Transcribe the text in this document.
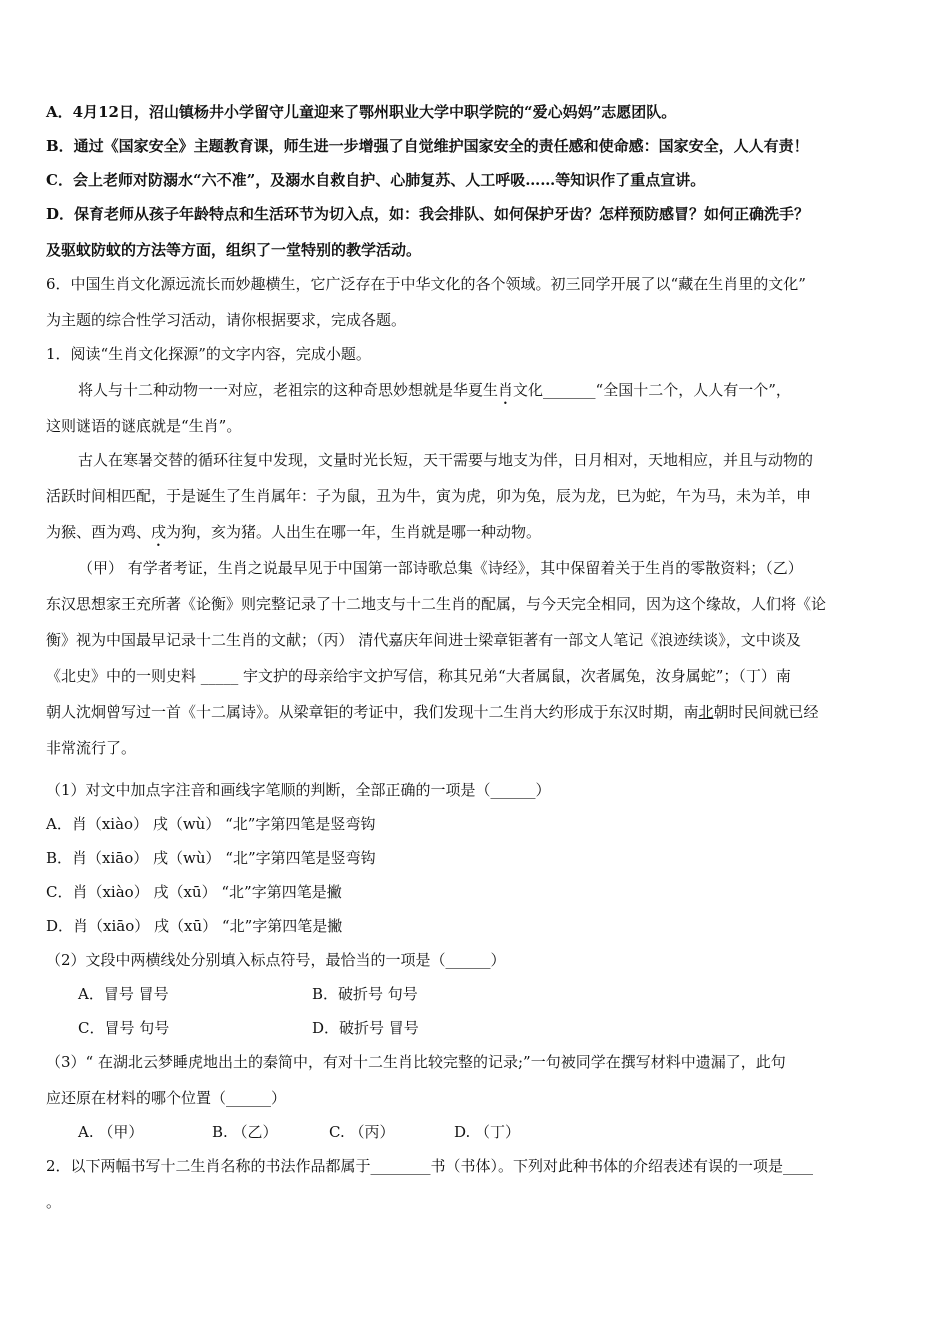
A．4月12日，沼山镇杨井小学留守儿童迎来了鄂州职业大学中职学院的“爱心妈妈”志愿团队。
B．通过《国家安全》主题教育课，师生进一步增强了自觉维护国家安全的责任感和使命感：国家安全，人人有责！
C．会上老师对防溺水“六不准”，及溺水自救自护、心肺复苏、人工呼吸……等知识作了重点宣讲。
D．保育老师从孩子年龄特点和生活环节为切入点，如：我会排队、如何保护牙齿？怎样预防感冒？如何正确洗手？
及驱蚊防蚊的方法等方面，组织了一堂特别的教学活动。
6．中国生肖文化源远流长而妙趣横生，它广泛存在于中华文化的各个领域。初三同学开展了以“藏在生肖里的文化”
为主题的综合性学习活动，请你根据要求，完成各题。
1．阅读“生肖文化探源”的文字内容，完成小题。
将人与十二种动物一一对应，老祖宗的这种奇思妙想就是华夏生肖文化_______“全国十二个，人人有一个”，
这则谜语的谜底就是“生肖”。
古人在寒暑交替的循环往复中发现，文量时光长短，天干需要与地支为伴，日月相对，天地相应，并且与动物的
活跃时间相匹配，于是诞生了生肖属年：子为鼠，丑为牛，寅为虎，卯为兔，辰为龙，巳为蛇，午为马，未为羊，申
为猴、酉为鸡、戌为狗，亥为猪。人出生在哪一年，生肖就是哪一种动物。
（甲） 有学者考证，生肖之说最早见于中国第一部诗歌总集《诗经》，其中保留着关于生肖的零散资料；（乙）
东汉思想家王充所著《论衡》则完整记录了十二地支与十二生肖的配属，与今天完全相同，因为这个缘故，人们将《论
衡》视为中国最早记录十二生肖的文献；（丙） 清代嘉庆年间进士梁章钜著有一部文人笔记《浪迹续谈》，文中谈及
《北史》中的一则史料 _____ 宇文护的母亲给宇文护写信，称其兄弟“大者属鼠，次者属兔，汝身属蛇”；（丁）南
朝人沈炯曾写过一首《十二属诗》。从梁章钜的考证中，我们发现十二生肖大约形成于东汉时期，南北朝时民间就已经
非常流行了。
（1）对文中加点字注音和画线字笔顺的判断，全部正确的一项是（______）
A．肖（xiào） 戌（wù） “北”字第四笔是竖弯钩
B．肖（xiāo） 戌（wù） “北”字第四笔是竖弯钩
C．肖（xiào） 戌（xū） “北”字第四笔是撇
D．肖（xiāo） 戌（xū） “北”字第四笔是撇
（2）文段中两横线处分别填入标点符号，最恰当的一项是（______）
A．冒号 冒号	B．破折号 句号
C．冒号 句号	D．破折号 冒号
（3）“ 在湖北云梦睡虎地出土的秦简中，有对十二生肖比较完整的记录;”一句被同学在撰写材料中遗漏了，此句
应还原在材料的哪个位置（______）
A. （甲）	B. （乙）	C. （丙）	D. （丁）
2．以下两幅书写十二生肖名称的书法作品都属于________书（书体）。下列对此种书体的介绍表述有误的一项是____
。
